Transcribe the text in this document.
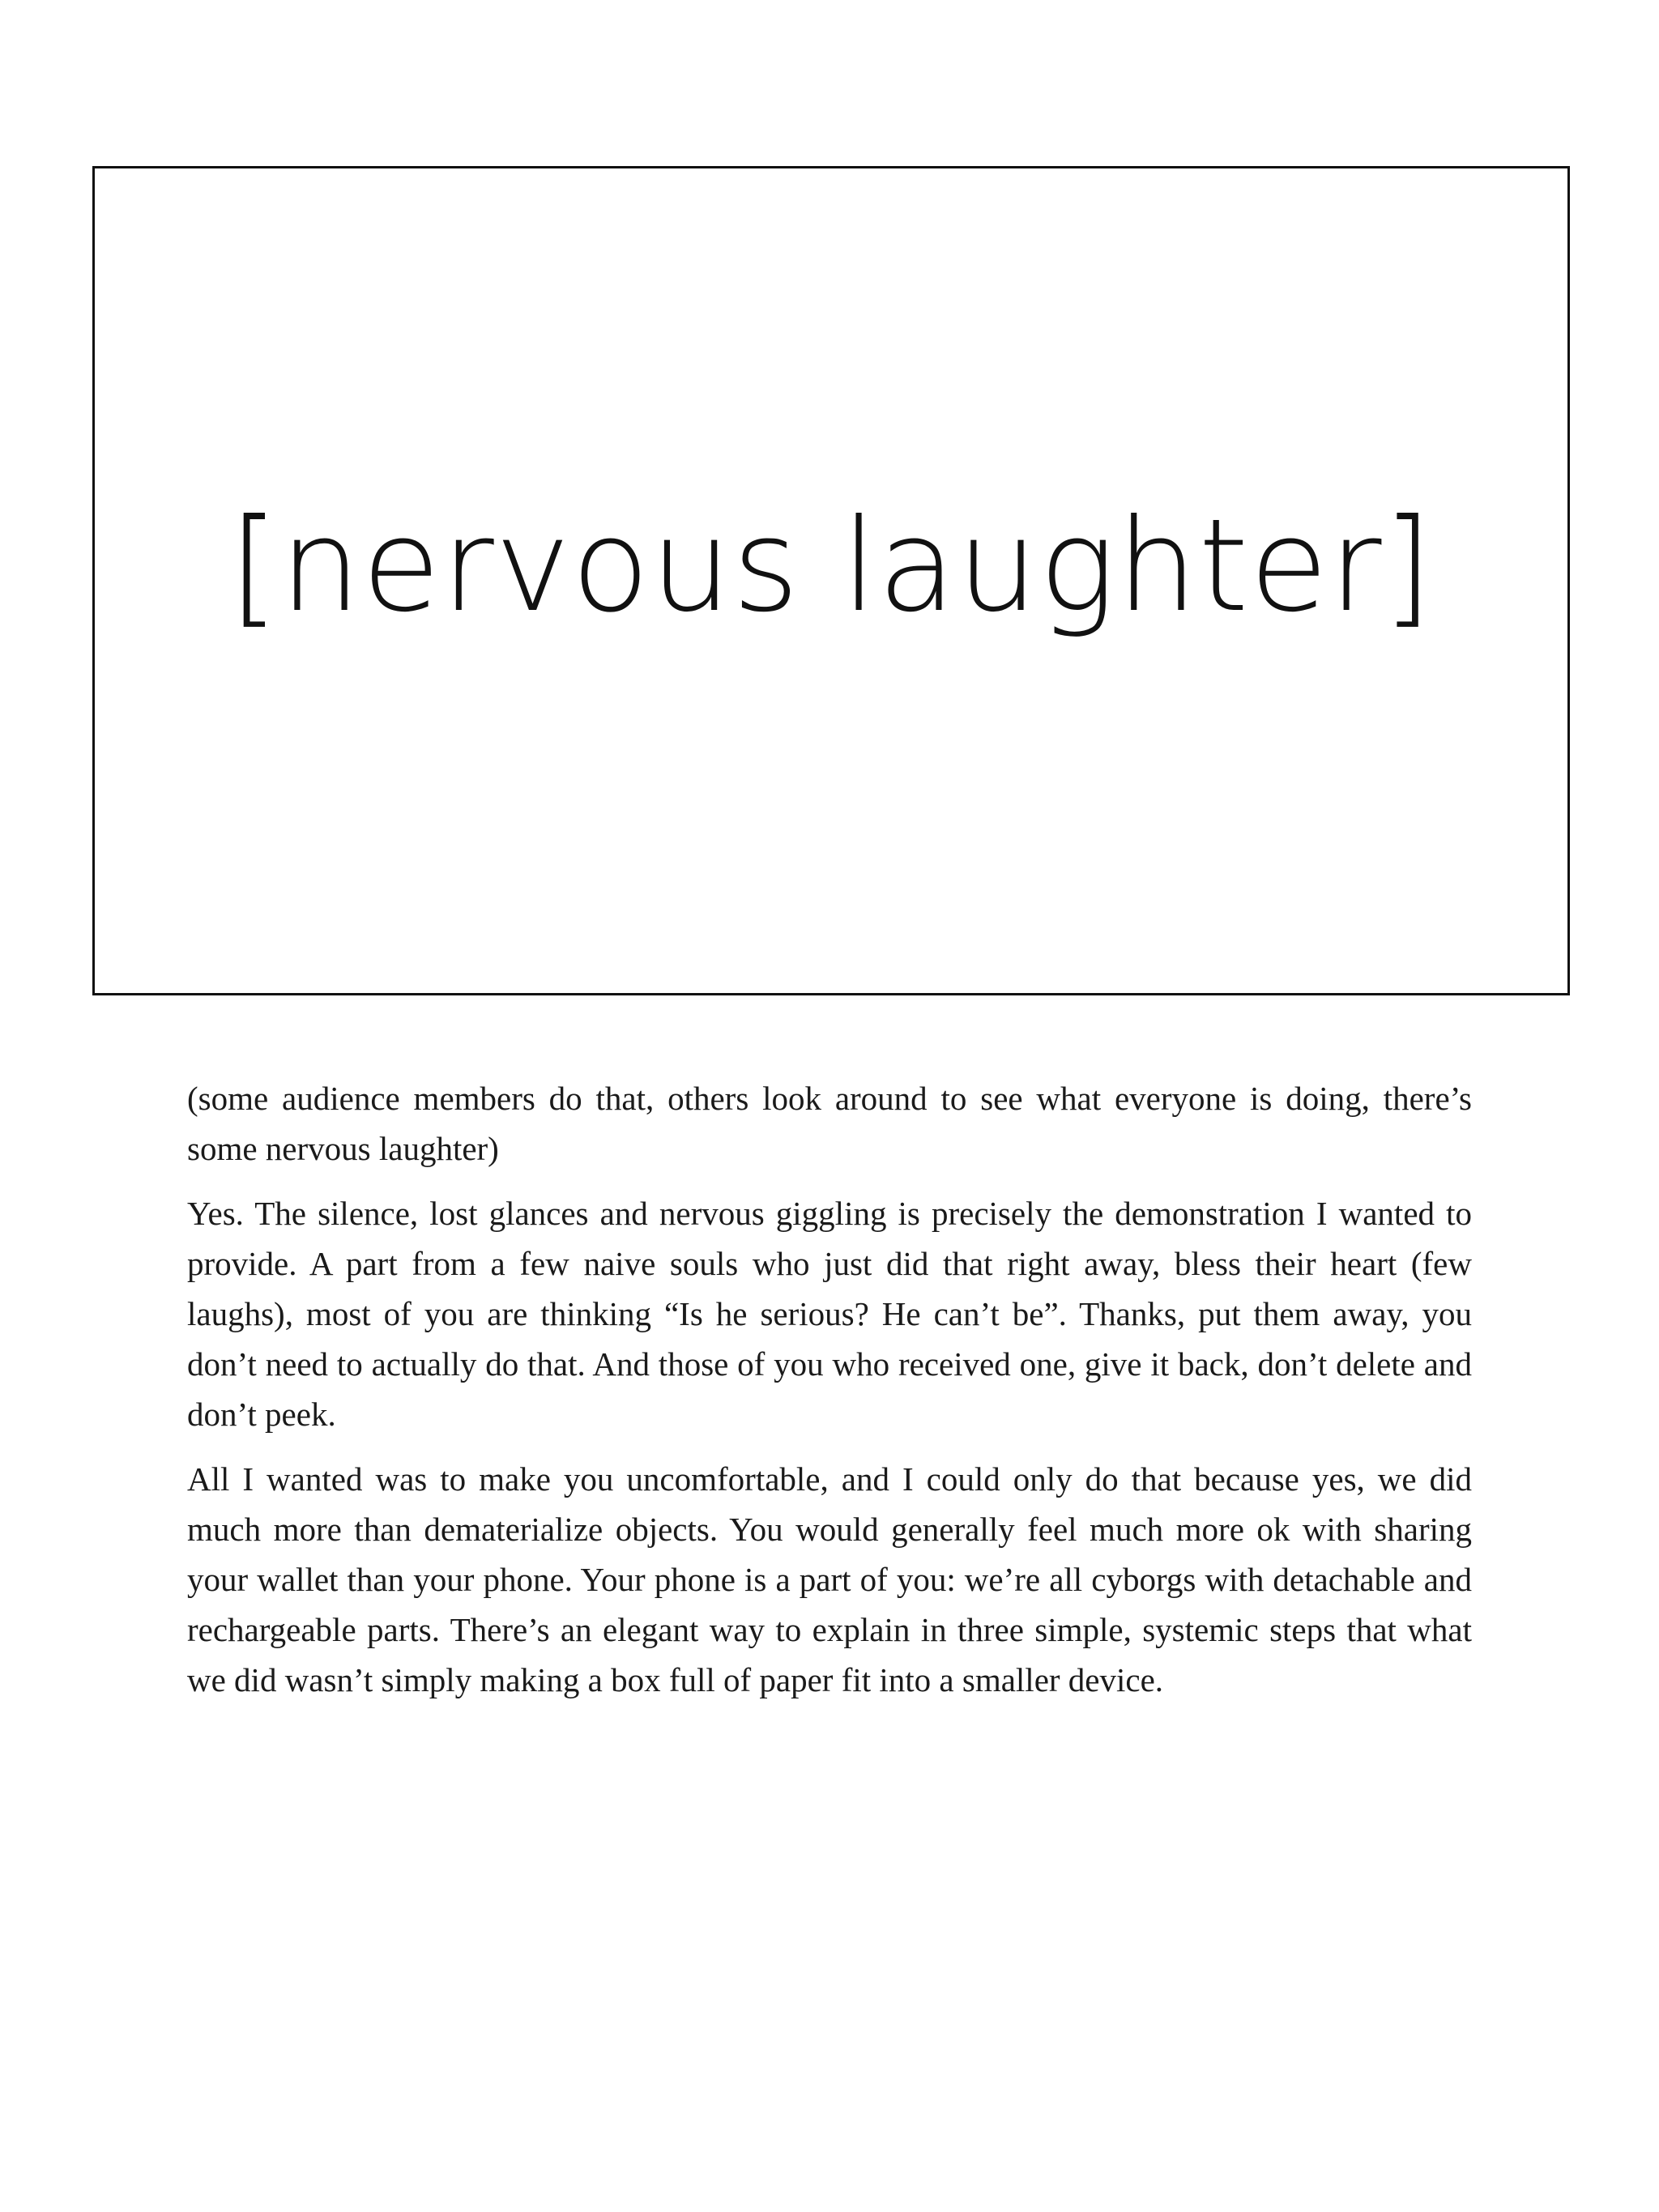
[nervous laughter]

(some audience members do that, others look around to see what everyone is doing, there’s some nervous laughter)

Yes. The silence, lost glances and nervous giggling is precisely the demonstration I wanted to provide. A part from a few naive souls who just did that right away, bless their heart (few laughs), most of you are thinking “Is he serious? He can’t be”. Thanks, put them away, you don’t need to actually do that. And those of you who received one, give it back, don’t delete and don’t peek.

All I wanted was to make you uncomfortable, and I could only do that because yes, we did much more than dematerialize objects. You would generally feel much more ok with sharing your wallet than your phone. Your phone is a part of you: we’re all cyborgs with detachable and rechargeable parts. There’s an elegant way to explain in three simple, systemic steps that what we did wasn’t simply making a box full of paper fit into a smaller device.
